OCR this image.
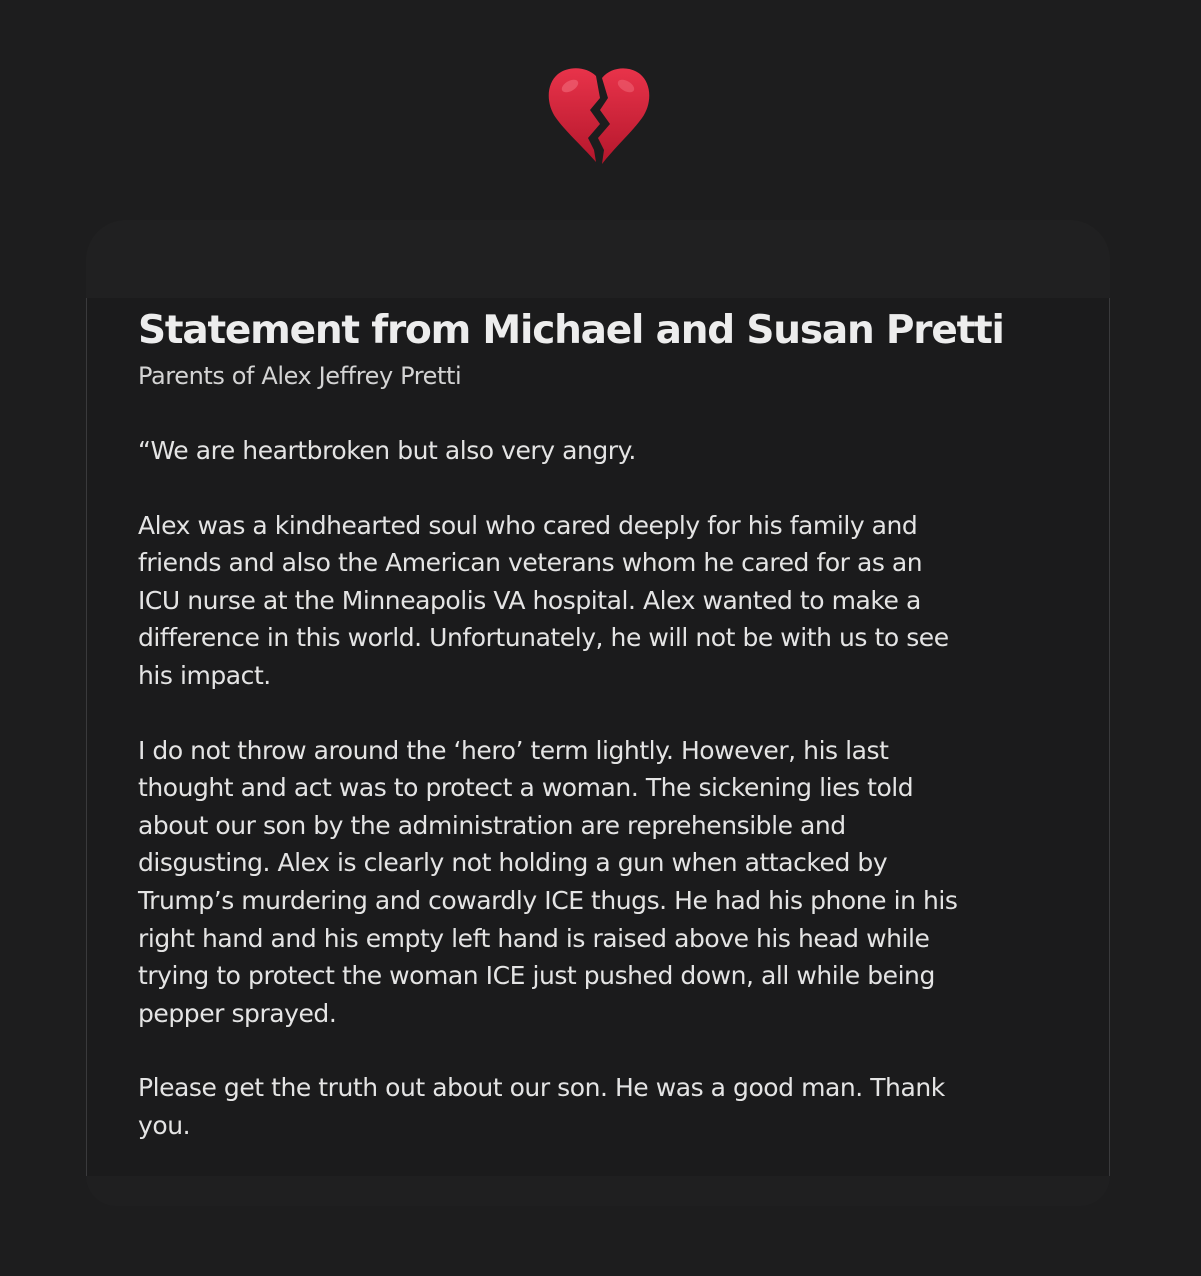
Statement from Michael and Susan Pretti

Parents of Alex Jeffrey Pretti

“We are heartbroken but also very angry.

Alex was a kindhearted soul who cared deeply for his family and
friends and also the American veterans whom he cared for as an
ICU nurse at the Minneapolis VA hospital. Alex wanted to make a
difference in this world. Unfortunately, he will not be with us to see
his impact.

I do not throw around the ‘hero’ term lightly. However, his last
thought and act was to protect a woman. The sickening lies told
about our son by the administration are reprehensible and
disgusting. Alex is clearly not holding a gun when attacked by
Trump’s murdering and cowardly ICE thugs. He had his phone in his
right hand and his empty left hand is raised above his head while
trying to protect the woman ICE just pushed down, all while being
pepper sprayed.

Please get the truth out about our son. He was a good man. Thank
you.
